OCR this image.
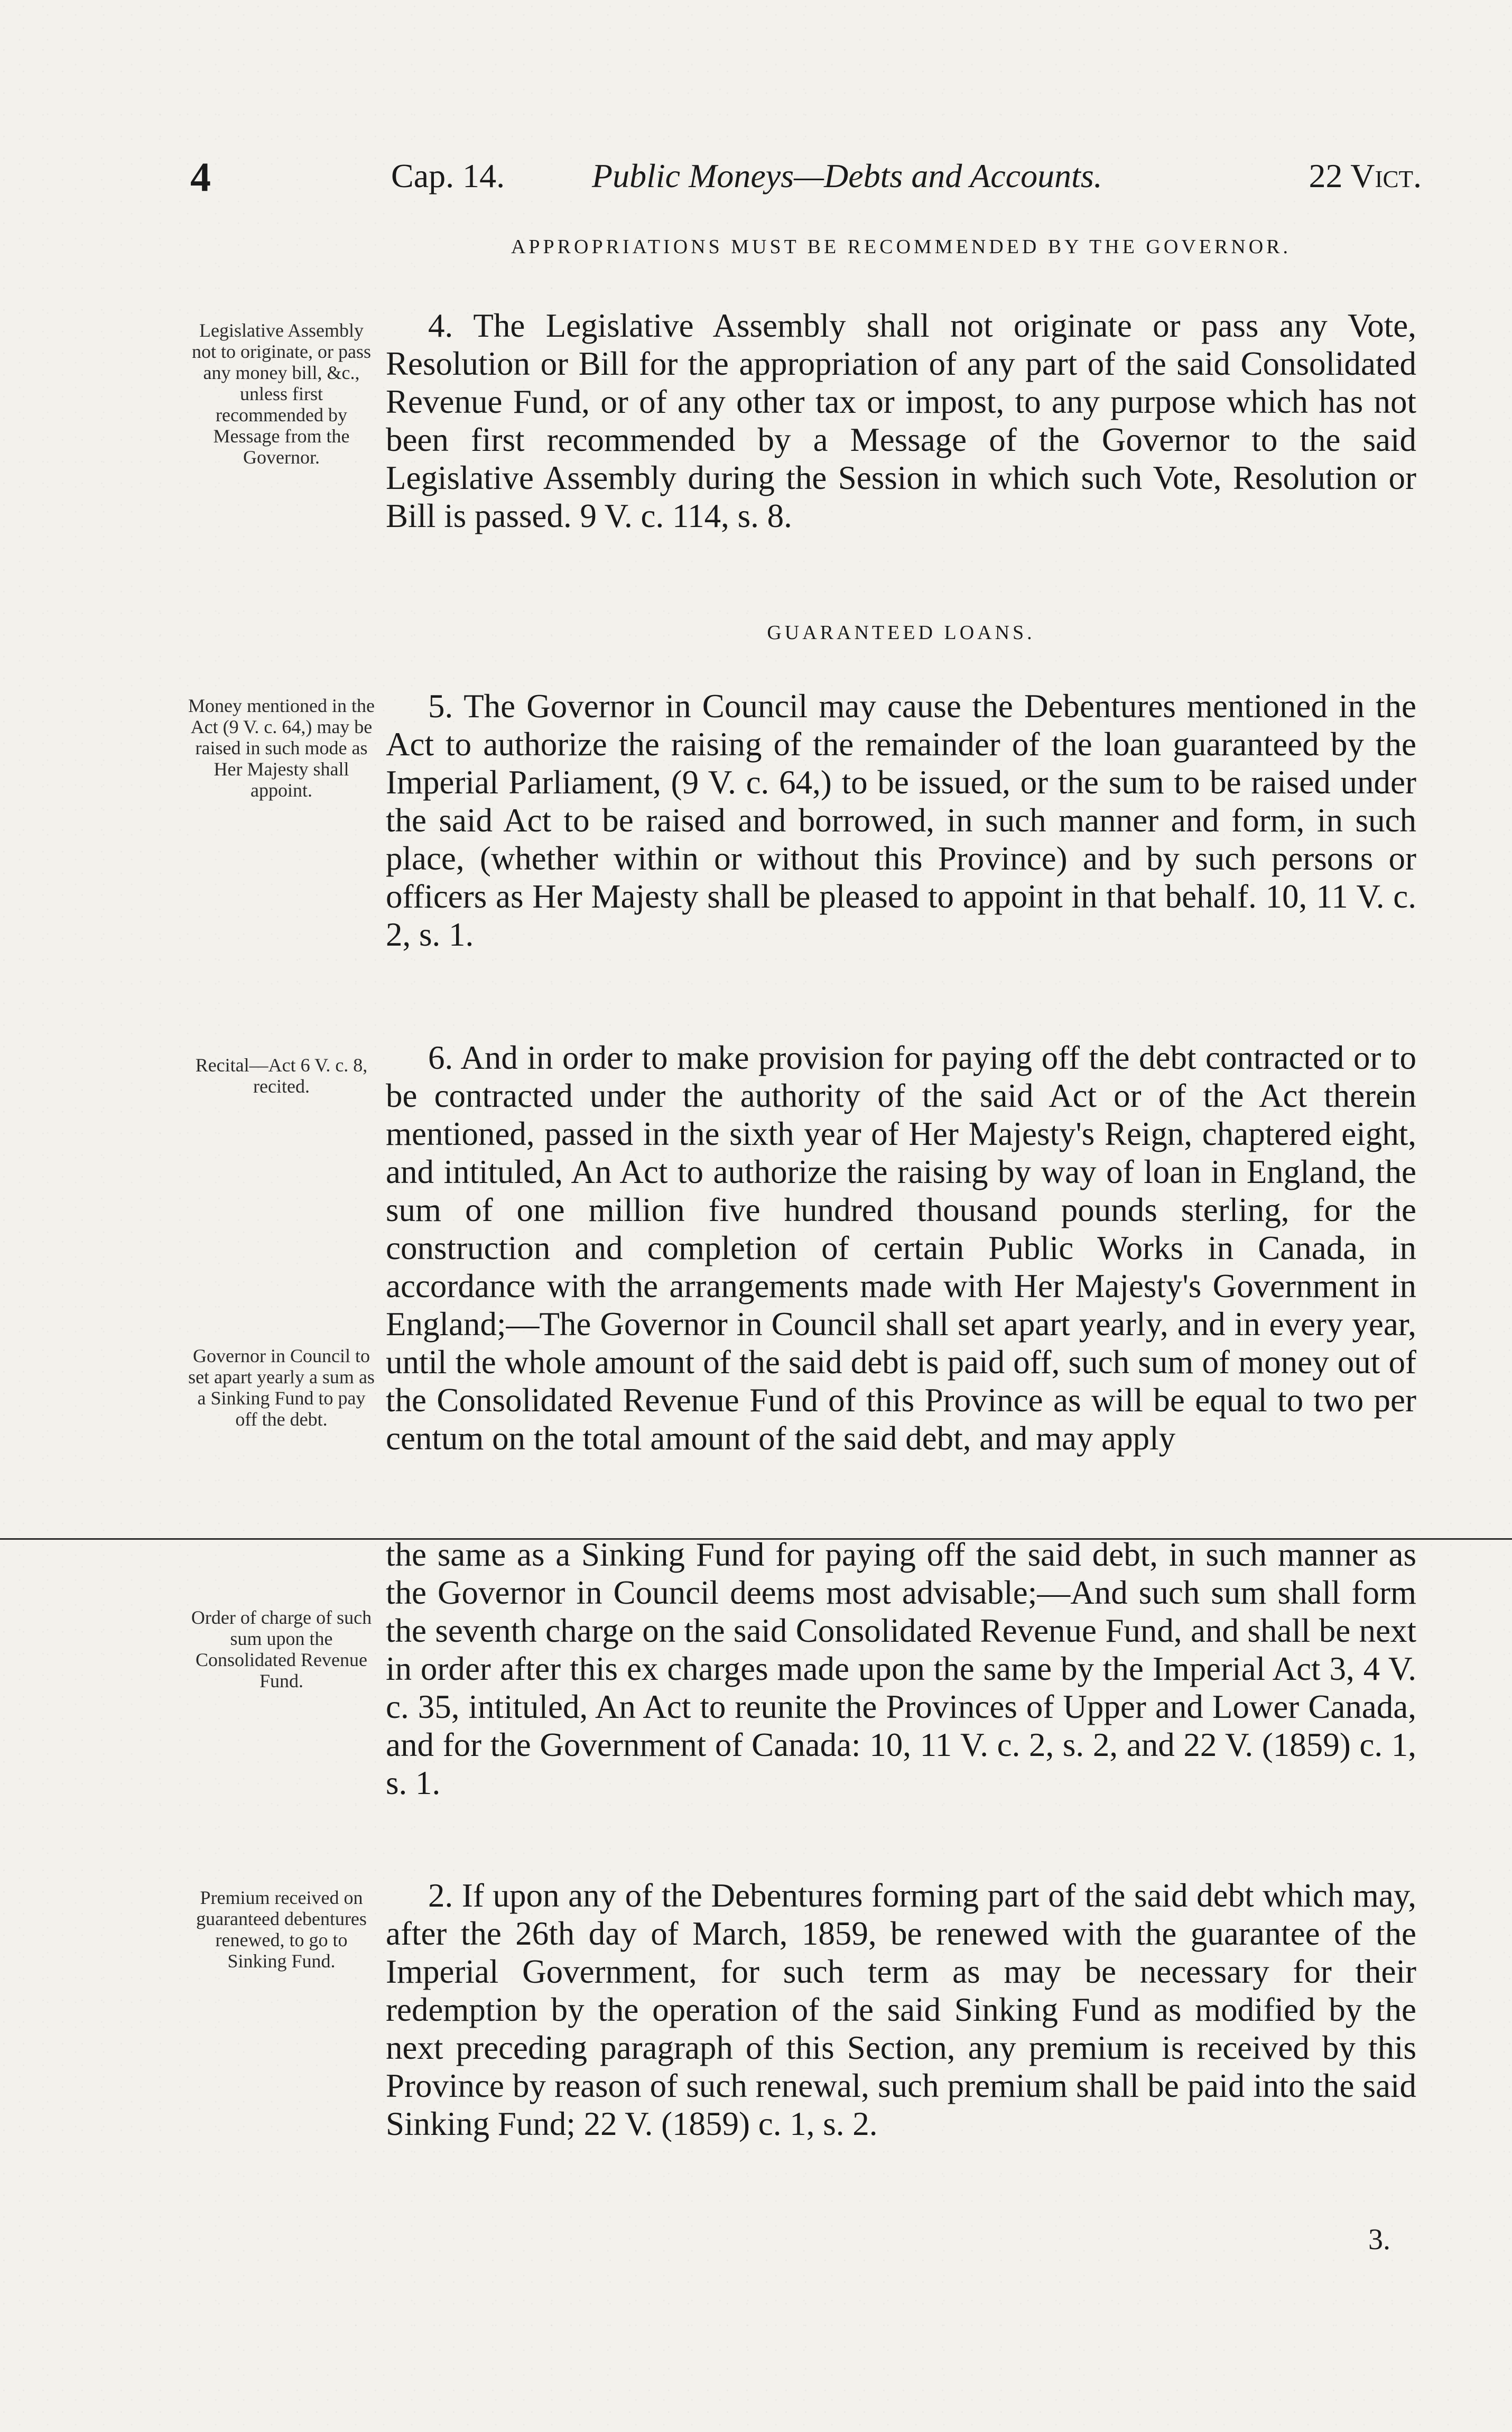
4	Cap. 14.	Public Moneys—Debts and Accounts.	22 Vict.
APPROPRIATIONS MUST BE RECOMMENDED BY THE GOVERNOR.
Legislative Assembly not to originate, or pass any money bill, &c., unless first recommended by Message from the Governor.

4. The Legislative Assembly shall not originate or pass any Vote, Resolution or Bill for the appropriation of any part of the said Consolidated Revenue Fund, or of any other tax or impost, to any purpose which has not been first recommended by a Message of the Governor to the said Legislative Assembly during the Session in which such Vote, Resolution or Bill is passed. 9 V. c. 114, s. 8.

GUARANTEED LOANS.
Money mentioned in the Act (9 V. c. 64,) may be raised in such mode as Her Majesty shall appoint.

5. The Governor in Council may cause the Debentures mentioned in the Act to authorize the raising of the remainder of the loan guaranteed by the Imperial Parliament, (9 V. c. 64,) to be issued, or the sum to be raised under the said Act to be raised and borrowed, in such manner and form, in such place, (whether within or without this Province) and by such persons or officers as Her Majesty shall be pleased to appoint in that behalf. 10, 11 V. c. 2, s. 1.

Recital—Act 6 V. c. 8, recited.

6. And in order to make provision for paying off the debt contracted or to be contracted under the authority of the said Act or of the Act therein mentioned, passed in the sixth year of Her Majesty's Reign, chaptered eight, and intituled, An Act to authorize the raising by way of loan in England, the sum of one million five hundred thousand pounds sterling, for the construction and completion of certain Public Works in Canada, in accordance with the arrangements made with Her Majesty's Government in England;—The Governor in Council shall set apart yearly, and in every year, until the whole amount of the said debt is paid off, such sum of money out of the Consolidated Revenue Fund of this Province as will be equal to two per centum on the total amount of the said debt, and may apply

Governor in Council to set apart yearly a sum as a Sinking Fund to pay off the debt.

the same as a Sinking Fund for paying off the said debt, in such manner as the Governor in Council deems most advisable;—And such sum shall form the seventh charge on the said Consolidated Revenue Fund, and shall be next in order after this ex charges made upon the same by the Imperial Act 3, 4 V. c. 35, intituled, An Act to reunite the Provinces of Upper and Lower Canada, and for the Government of Canada: 10, 11 V. c. 2, s. 2, and 22 V. (1859) c. 1, s. 1.

Order of charge of such sum upon the Consolidated Revenue Fund.
Premium received on guaranteed debentures renewed, to go to Sinking Fund.

2. If upon any of the Debentures forming part of the said debt which may, after the 26th day of March, 1859, be renewed with the guarantee of the Imperial Government, for such term as may be necessary for their redemption by the operation of the said Sinking Fund as modified by the next preceding paragraph of this Section, any premium is received by this Province by reason of such renewal, such premium shall be paid into the said Sinking Fund; 22 V. (1859) c. 1, s. 2.

3.
